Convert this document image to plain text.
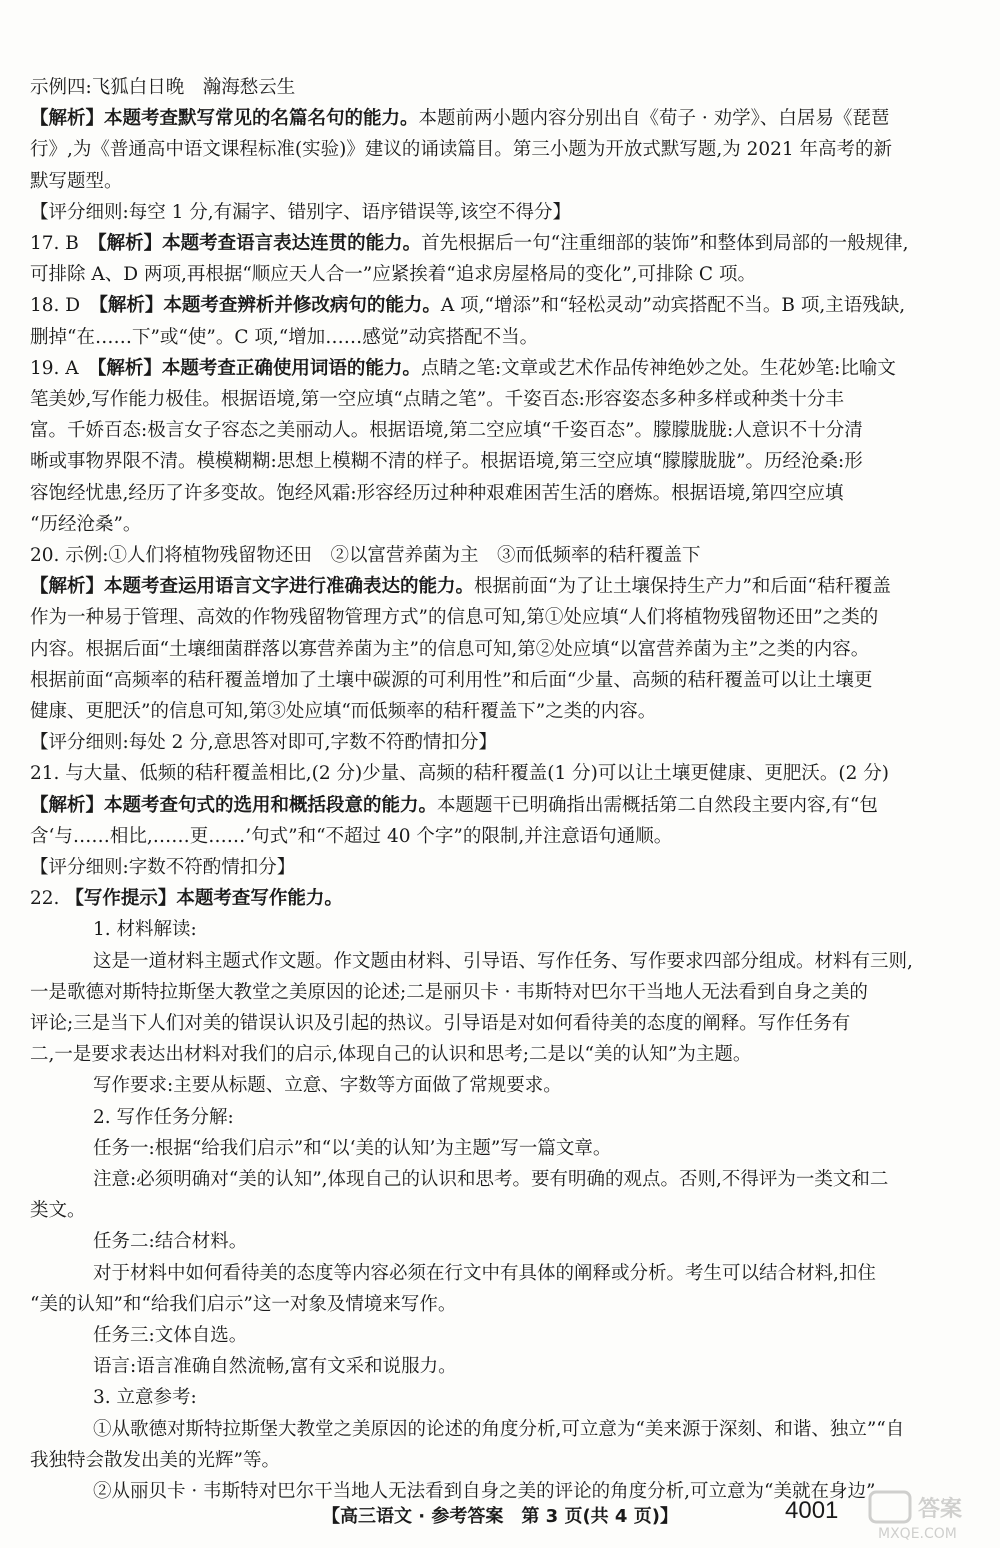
示例四:飞狐白日晚　瀚海愁云生
【解析】本题考查默写常见的名篇名句的能力。本题前两小题内容分别出自《荀子 · 劝学》、白居易《琵琶
行》,为《普通高中语文课程标准(实验)》建议的诵读篇目。第三小题为开放式默写题,为 2021 年高考的新
默写题型。
【评分细则:每空 1 分,有漏字、错别字、语序错误等,该空不得分】
17. B　【解析】本题考查语言表达连贯的能力。首先根据后一句“注重细部的装饰”和整体到局部的一般规律,
可排除 A、D 两项,再根据“顺应天人合一”应紧挨着“追求房屋格局的变化”,可排除 C 项。
18. D　【解析】本题考查辨析并修改病句的能力。A 项,“增添”和“轻松灵动”动宾搭配不当。B 项,主语残缺,
删掉“在……下”或“使”。C 项,“增加……感觉”动宾搭配不当。
19. A　【解析】本题考查正确使用词语的能力。点睛之笔:文章或艺术作品传神绝妙之处。生花妙笔:比喻文
笔美妙,写作能力极佳。根据语境,第一空应填“点睛之笔”。千姿百态:形容姿态多种多样或种类十分丰
富。千娇百态:极言女子容态之美丽动人。根据语境,第二空应填“千姿百态”。朦朦胧胧:人意识不十分清
晰或事物界限不清。模模糊糊:思想上模糊不清的样子。根据语境,第三空应填“朦朦胧胧”。历经沧桑:形
容饱经忧患,经历了许多变故。饱经风霜:形容经历过种种艰难困苦生活的磨炼。根据语境,第四空应填
“历经沧桑”。
20. 示例:①人们将植物残留物还田　②以富营养菌为主　③而低频率的秸秆覆盖下
【解析】本题考查运用语言文字进行准确表达的能力。根据前面“为了让土壤保持生产力”和后面“秸秆覆盖
作为一种易于管理、高效的作物残留物管理方式”的信息可知,第①处应填“人们将植物残留物还田”之类的
内容。根据后面“土壤细菌群落以寡营养菌为主”的信息可知,第②处应填“以富营养菌为主”之类的内容。
根据前面“高频率的秸秆覆盖增加了土壤中碳源的可利用性”和后面“少量、高频的秸秆覆盖可以让土壤更
健康、更肥沃”的信息可知,第③处应填“而低频率的秸秆覆盖下”之类的内容。
【评分细则:每处 2 分,意思答对即可,字数不符酌情扣分】
21. 与大量、低频的秸秆覆盖相比,(2 分)少量、高频的秸秆覆盖(1 分)可以让土壤更健康、更肥沃。(2 分)
【解析】本题考查句式的选用和概括段意的能力。本题题干已明确指出需概括第二自然段主要内容,有“包
含‘与……相比,……更……’句式”和“不超过 40 个字”的限制,并注意语句通顺。
【评分细则:字数不符酌情扣分】
22. 【写作提示】本题考查写作能力。
1. 材料解读:
这是一道材料主题式作文题。作文题由材料、引导语、写作任务、写作要求四部分组成。材料有三则,
一是歌德对斯特拉斯堡大教堂之美原因的论述;二是丽贝卡 · 韦斯特对巴尔干当地人无法看到自身之美的
评论;三是当下人们对美的错误认识及引起的热议。引导语是对如何看待美的态度的阐释。写作任务有
二,一是要求表达出材料对我们的启示,体现自己的认识和思考;二是以“美的认知”为主题。
写作要求:主要从标题、立意、字数等方面做了常规要求。
2. 写作任务分解:
任务一:根据“给我们启示”和“以‘美的认知’为主题”写一篇文章。
注意:必须明确对“美的认知”,体现自己的认识和思考。要有明确的观点。否则,不得评为一类文和二
类文。
任务二:结合材料。
对于材料中如何看待美的态度等内容必须在行文中有具体的阐释或分析。考生可以结合材料,扣住
“美的认知”和“给我们启示”这一对象及情境来写作。
任务三:文体自选。
语言:语言准确自然流畅,富有文采和说服力。
3. 立意参考:
①从歌德对斯特拉斯堡大教堂之美原因的论述的角度分析,可立意为“美来源于深刻、和谐、独立”“自
我独特会散发出美的光辉”等。
②从丽贝卡 · 韦斯特对巴尔干当地人无法看到自身之美的评论的角度分析,可立意为“美就在身边”
【高三语文 · 参考答案　第 3 页(共 4 页)】	4001	答案
MXQE.COM
